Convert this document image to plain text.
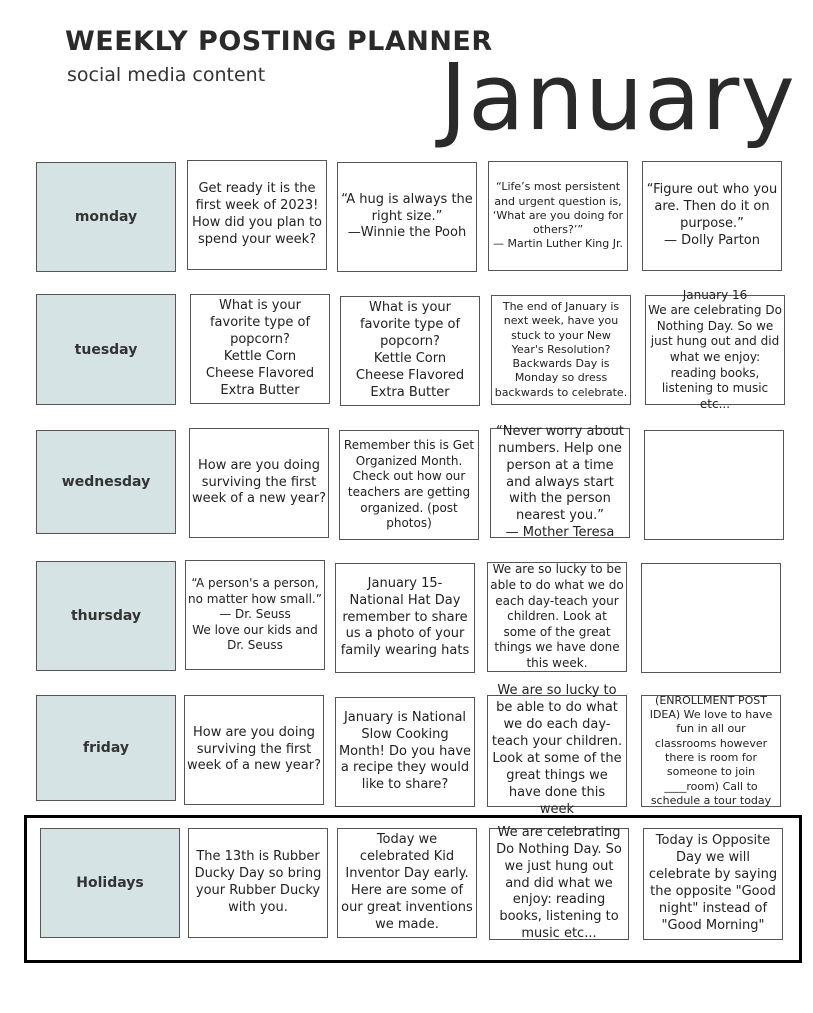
WEEKLY POSTING PLANNER
social media content January
monday
Get ready it is the first week of 2023! How did you plan to spend your week?
“A hug is always the right size.”
—Winnie the Pooh
“Life’s most persistent and urgent question is, ‘What are you doing for others?’”
— Martin Luther King Jr.
“Figure out who you are. Then do it on purpose.”
— Dolly Parton
tuesday
What is your favorite type of popcorn?
Kettle Corn
Cheese Flavored
Extra Butter
What is your favorite type of popcorn?
Kettle Corn
Cheese Flavored
Extra Butter
The end of January is next week, have you stuck to your New Year's Resolution?
Backwards Day is Monday so dress backwards to celebrate.
January 16
We are celebrating Do Nothing Day. So we just hung out and did what we enjoy: reading books, listening to music etc...
wednesday
How are you doing surviving the first week of a new year?
Remember this is Get Organized Month. Check out how our teachers are getting organized. (post photos)
“Never worry about numbers. Help one person at a time and always start with the person nearest you.”
— Mother Teresa
thursday
“A person's a person, no matter how small.”
— Dr. Seuss
We love our kids and Dr. Seuss
January 15-
National Hat Day remember to share us a photo of your family wearing hats
We are so lucky to be able to do what we do each day-teach your children. Look at some of the great things we have done this week.
friday
How are you doing surviving the first week of a new year?
January is National Slow Cooking Month! Do you have a recipe they would like to share?
We are so lucky to be able to do what we do each day-teach your children. Look at some of the great things we have done this week
(ENROLLMENT POST IDEA) We love to have fun in all our classrooms however there is room for someone to join ____room) Call to schedule a tour today
Holidays
The 13th is Rubber Ducky Day so bring your Rubber Ducky with you.
Today we celebrated Kid Inventor Day early. Here are some of our great inventions we made.
We are celebrating Do Nothing Day. So we just hung out and did what we enjoy: reading books, listening to music etc...
Today is Opposite Day we will celebrate by saying the opposite "Good night" instead of "Good Morning"
